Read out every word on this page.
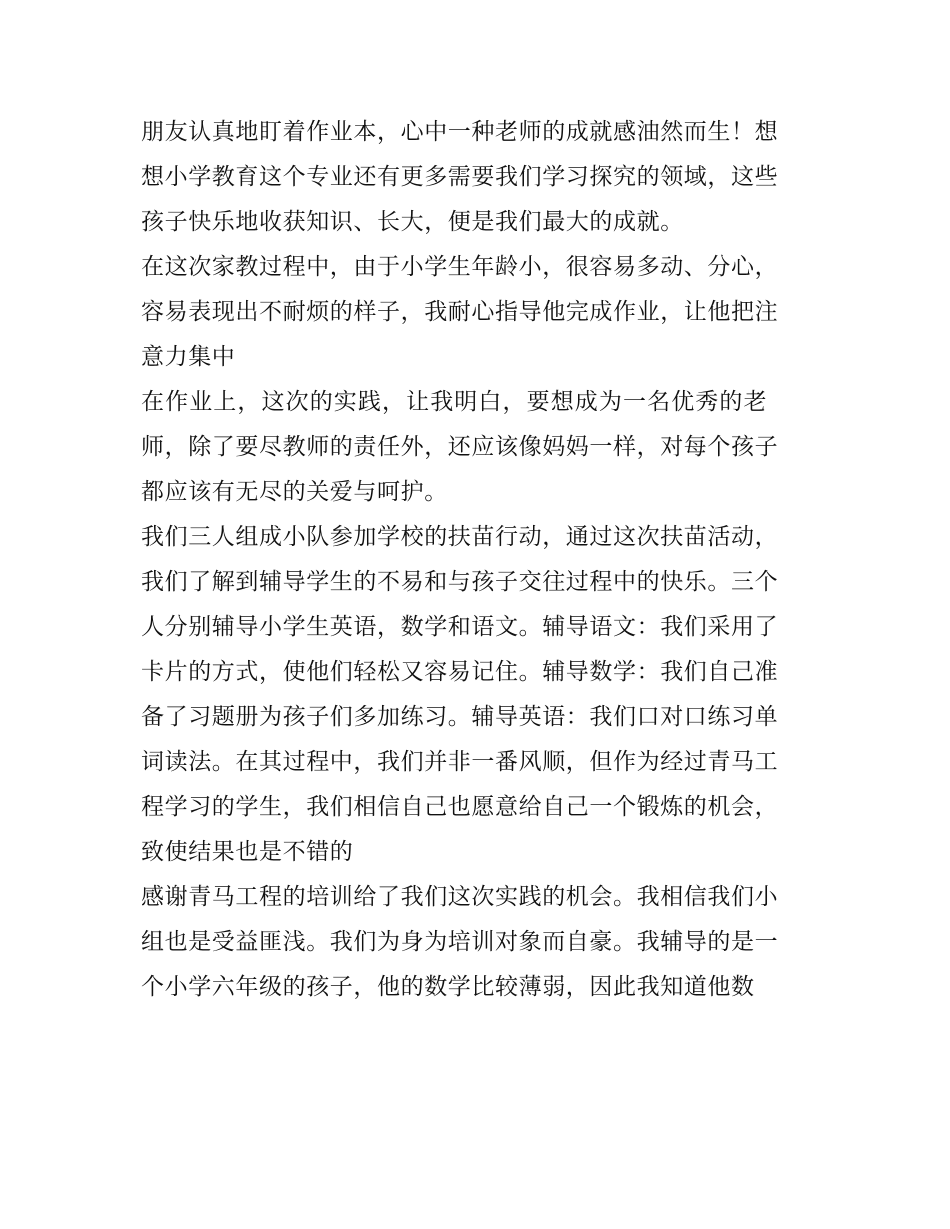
朋友认真地盯着作业本，心中一种老师的成就感油然而生！想
想小学教育这个专业还有更多需要我们学习探究的领域，这些
孩子快乐地收获知识、长大，便是我们最大的成就。
在这次家教过程中，由于小学生年龄小，很容易多动、分心，
容易表现出不耐烦的样子，我耐心指导他完成作业，让他把注
意力集中
在作业上，这次的实践，让我明白，要想成为一名优秀的老
师，除了要尽教师的责任外，还应该像妈妈一样，对每个孩子
都应该有无尽的关爱与呵护。
我们三人组成小队参加学校的扶苗行动，通过这次扶苗活动，
我们了解到辅导学生的不易和与孩子交往过程中的快乐。三个
人分别辅导小学生英语，数学和语文。辅导语文：我们采用了
卡片的方式，使他们轻松又容易记住。辅导数学：我们自己准
备了习题册为孩子们多加练习。辅导英语：我们口对口练习单
词读法。在其过程中，我们并非一番风顺，但作为经过青马工
程学习的学生，我们相信自己也愿意给自己一个锻炼的机会，
致使结果也是不错的
感谢青马工程的培训给了我们这次实践的机会。我相信我们小
组也是受益匪浅。我们为身为培训对象而自豪。我辅导的是一
个小学六年级的孩子，他的数学比较薄弱，因此我知道他数
